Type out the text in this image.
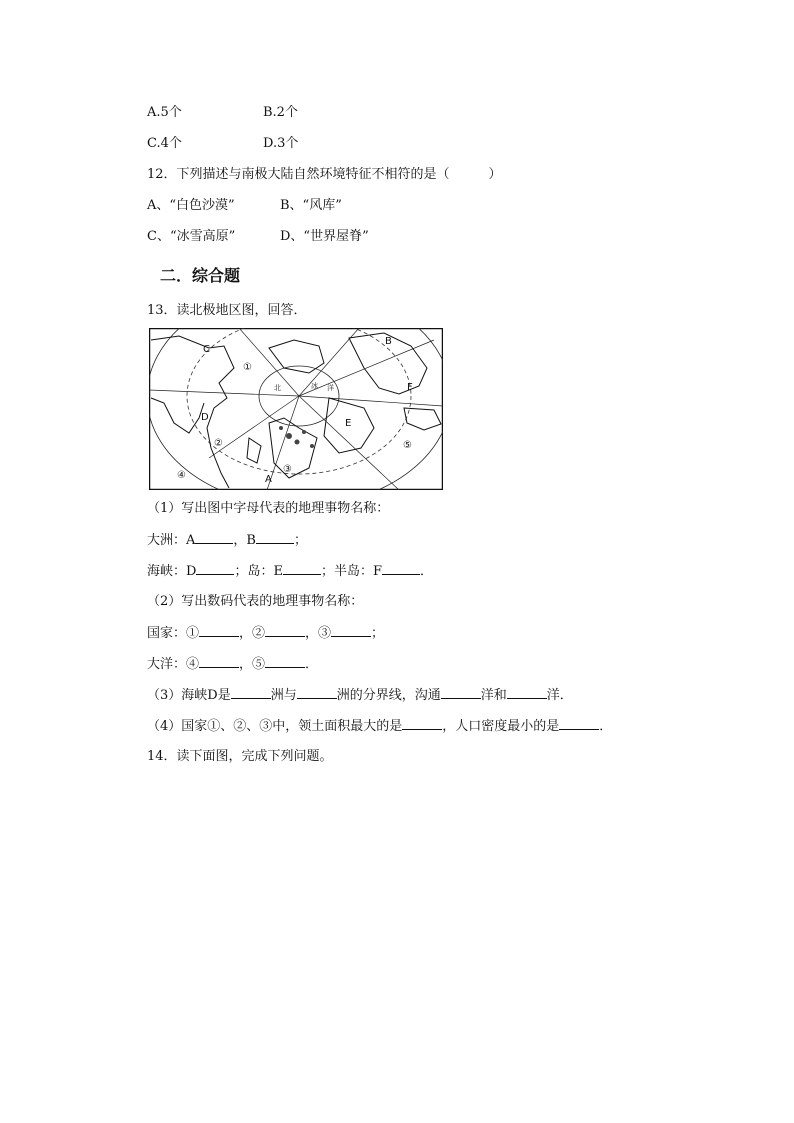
A.5个	B.2个
C.4个	D.3个
12．下列描述与南极大陆自然环境特征不相符的是（　　　）
A、“白色沙漠”	B、“风库”
C、“冰雪高原”	D、“世界屋脊”
二．综合题
13．读北极地区图，回答．
①
②
③
④
⑤
A
B
C
D
E
F
北	冰 洋
（1）写出图中字母代表的地理事物名称：
大洲：A	，B	；
海峡：D	；岛：E	；半岛：F	．
（2）写出数码代表的地理事物名称：
国家：①	，②	，③	；
大洋：④	，⑤	．
（3）海峡D是	洲与	洲的分界线，沟通	洋和	洋．
（4）国家①、②、③中，领土面积最大的是	，人口密度最小的是	．
14．读下面图，完成下列问题。
